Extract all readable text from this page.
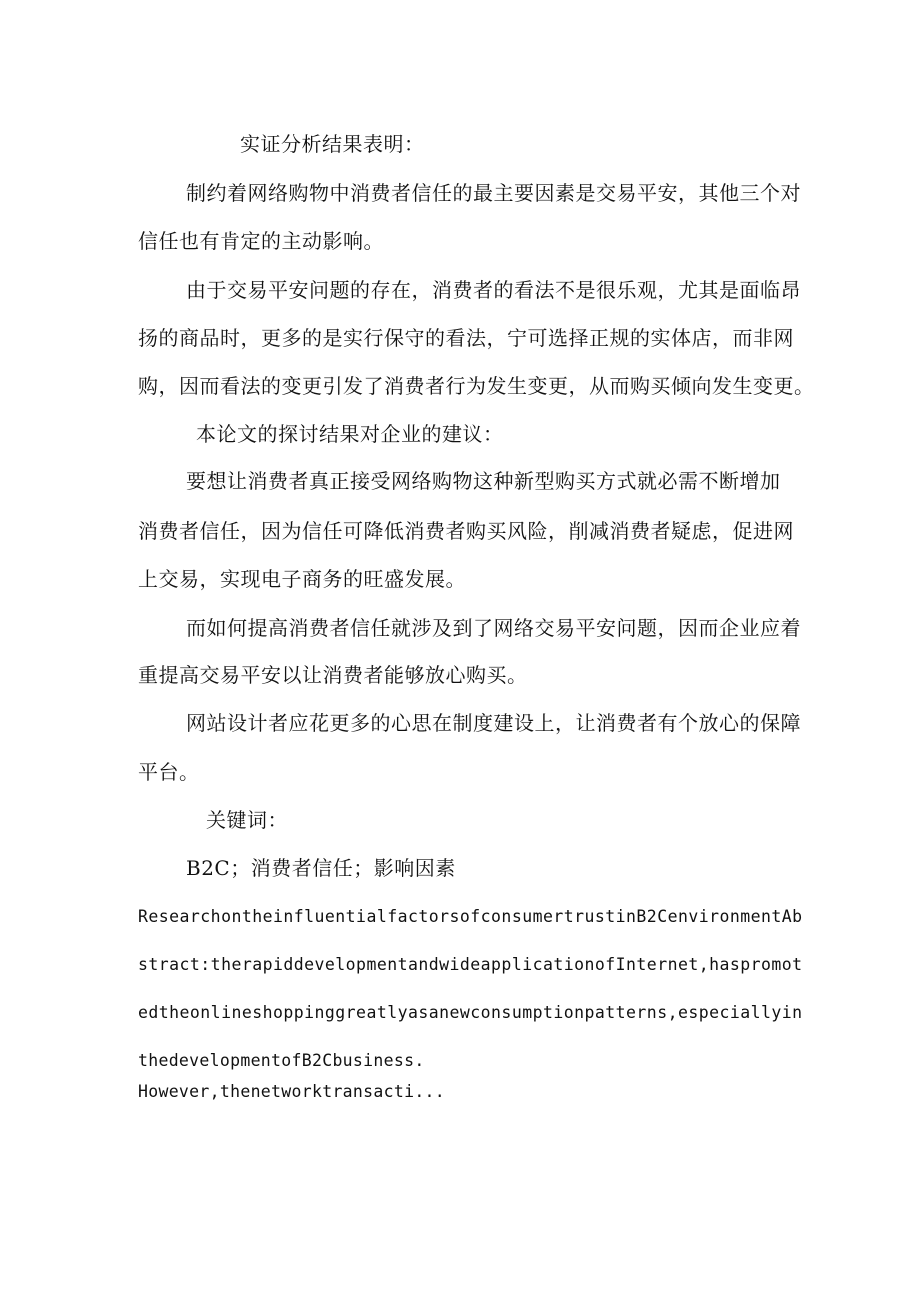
实证分析结果表明：
制约着网络购物中消费者信任的最主要因素是交易平安，其他三个对
信任也有肯定的主动影响。
由于交易平安问题的存在，消费者的看法不是很乐观，尤其是面临昂
扬的商品时，更多的是实行保守的看法，宁可选择正规的实体店，而非网
购，因而看法的变更引发了消费者行为发生变更，从而购买倾向发生变更。
本论文的探讨结果对企业的建议：
要想让消费者真正接受网络购物这种新型购买方式就必需不断增加
消费者信任，因为信任可降低消费者购买风险，削减消费者疑虑，促进网
上交易，实现电子商务的旺盛发展。
而如何提高消费者信任就涉及到了网络交易平安问题，因而企业应着
重提高交易平安以让消费者能够放心购买。
网站设计者应花更多的心思在制度建设上，让消费者有个放心的保障
平台。
关键词：
B2C；消费者信任；影响因素
ResearchontheinfluentialfactorsofconsumertrustinB2CenvironmentAb
stract:therapiddevelopmentandwideapplicationofInternet,haspromot
edtheonlineshoppinggreatlyasanewconsumptionpatterns,especiallyin
thedevelopmentofB2Cbusiness.
However,thenetworktransacti...
